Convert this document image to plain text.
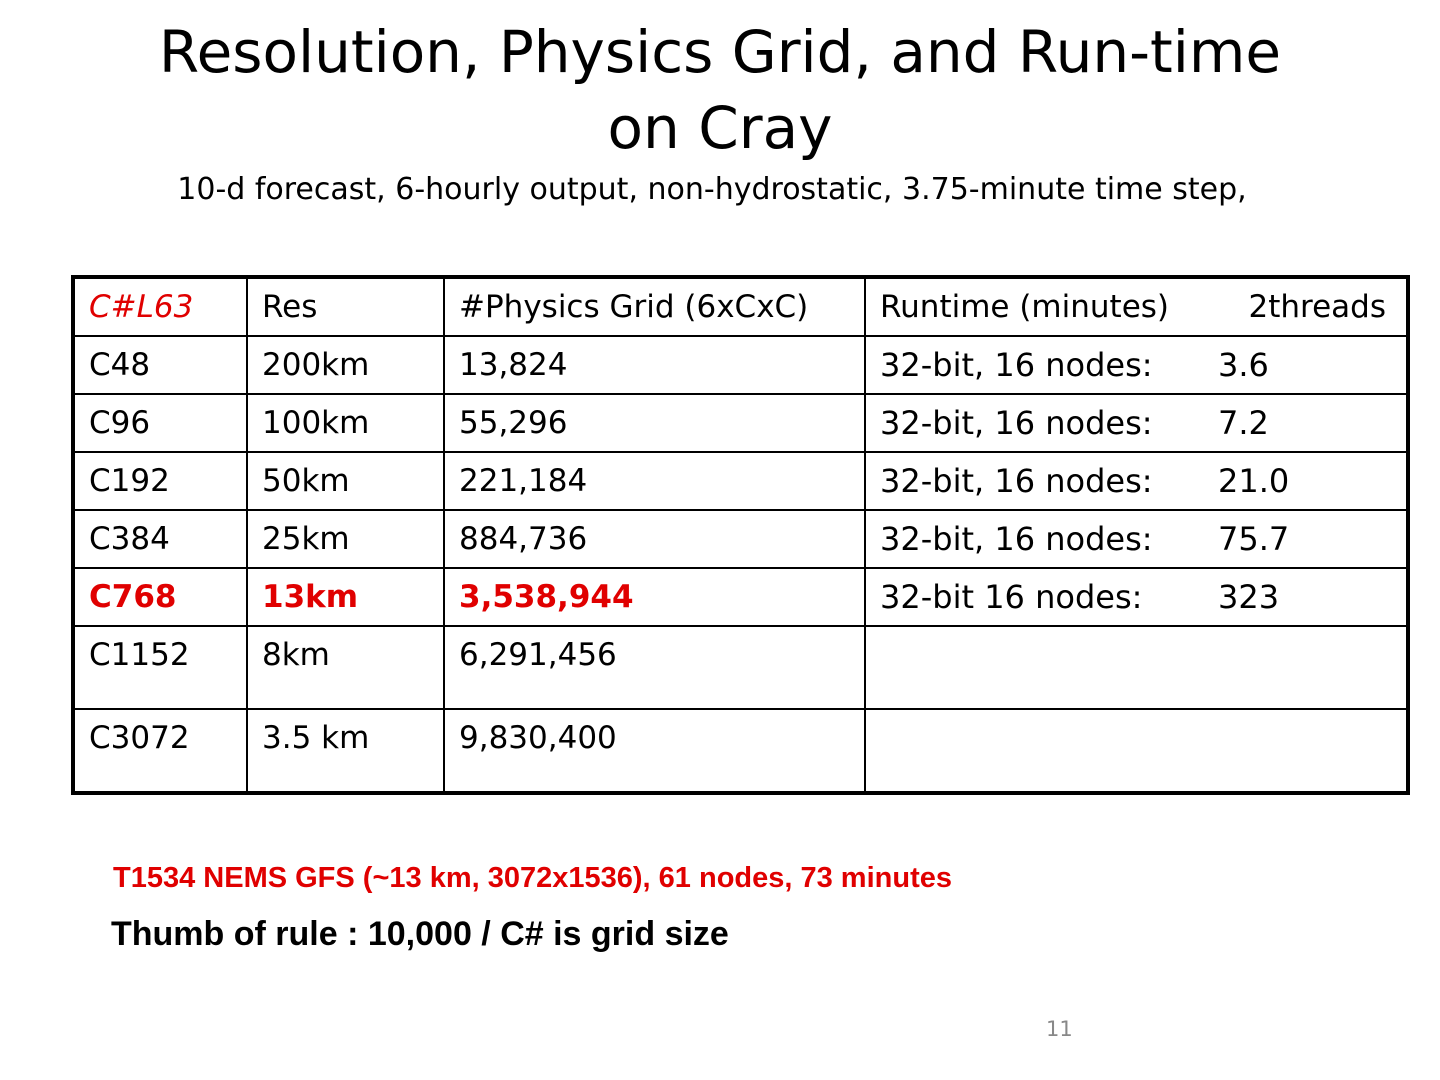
Resolution, Physics Grid, and Run-time
on Cray

10-d forecast, 6-hourly output, non-hydrostatic, 3.75-minute time step,

C#L63	Res	#Physics Grid (6xCxC)	Runtime (minutes) 2threads

C48	200km	13,824	32-bit, 16 nodes: 3.6
C96	100km	55,296	32-bit, 16 nodes: 7.2
C192	50km	221,184	32-bit, 16 nodes: 21.0
C384	25km	884,736	32-bit, 16 nodes: 75.7
C768	13km	3,538,944	32-bit 16 nodes: 323
C1152	8km	6,291,456	
C3072	3.5 km	9,830,400	

T1534 NEMS GFS (~13 km, 3072x1536), 61 nodes, 73 minutes

Thumb of rule : 10,000 / C# is grid size

11
